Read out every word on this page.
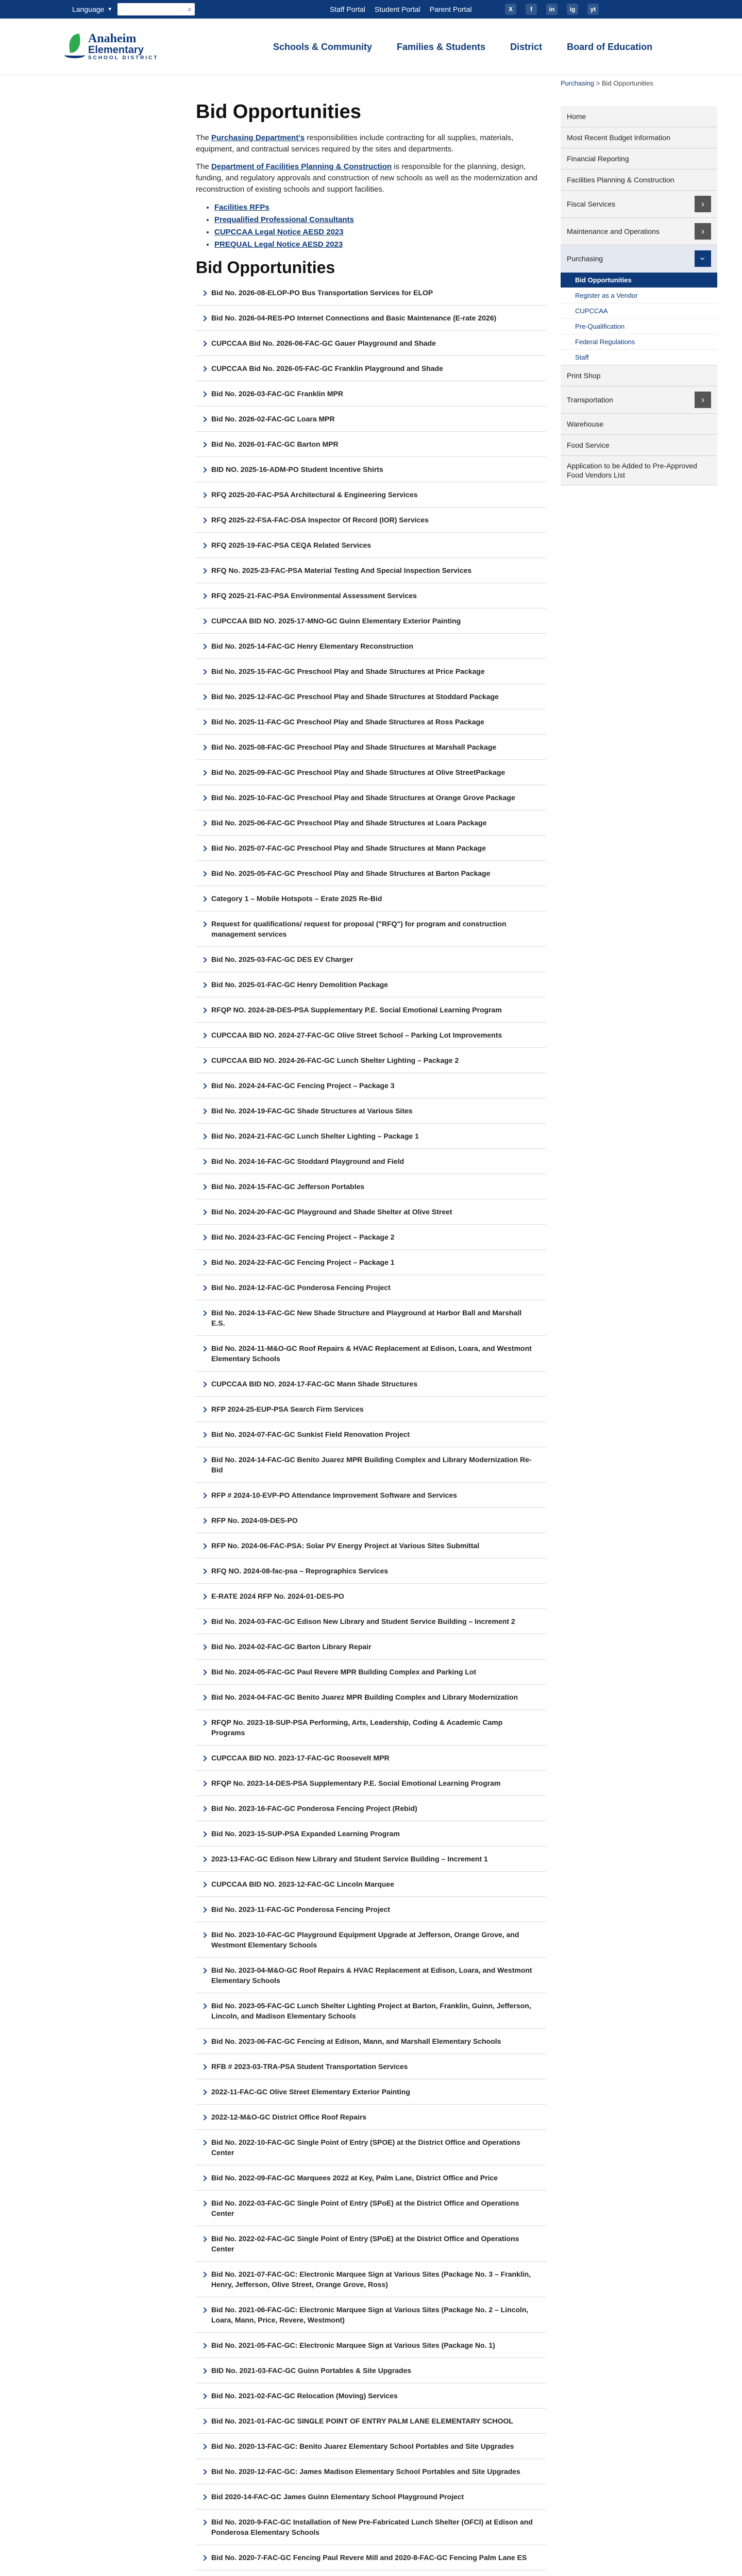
Language ▼	⌕	Staff Portal Student Portal Parent Portal	X	f	in	ig	yt
Anaheim
Elementary
SCHOOL DISTRICT
Schools & Community	Families & Students	District	Board of Education
Purchasing > Bid Opportunities
Bid Opportunities

The Purchasing Department's responsibilities include contracting for all supplies, materials, equipment, and contractual services required by the sites and departments.

The Department of Facilities Planning & Construction is responsible for the planning, design, funding, and regulatory approvals and construction of new schools as well as the modernization and reconstruction of existing schools and support facilities.

• Facilities RFPs
• Prequalified Professional Consultants
• CUPCCAA Legal Notice AESD 2023
• PREQUAL Legal Notice AESD 2023
Bid Opportunities
Bid No. 2026-08-ELOP-PO Bus Transportation Services for ELOP
Bid No. 2026-04-RES-PO Internet Connections and Basic Maintenance (E-rate 2026)
CUPCCAA Bid No. 2026-06-FAC-GC Gauer Playground and Shade
CUPCCAA Bid No. 2026-05-FAC-GC Franklin Playground and Shade
Bid No. 2026-03-FAC-GC Franklin MPR
Bid No. 2026-02-FAC-GC Loara MPR
Bid No. 2026-01-FAC-GC Barton MPR
BID NO. 2025-16-ADM-PO Student Incentive Shirts
RFQ 2025-20-FAC-PSA Architectural & Engineering Services
RFQ 2025-22-FSA-FAC-DSA Inspector Of Record (IOR) Services
RFQ 2025-19-FAC-PSA CEQA Related Services
RFQ No. 2025-23-FAC-PSA Material Testing And Special Inspection Services
RFQ 2025-21-FAC-PSA Environmental Assessment Services
CUPCCAA BID NO. 2025-17-MNO-GC Guinn Elementary Exterior Painting
Bid No. 2025-14-FAC-GC Henry Elementary Reconstruction
Bid No. 2025-15-FAC-GC Preschool Play and Shade Structures at Price Package
Bid No. 2025-12-FAC-GC Preschool Play and Shade Structures at Stoddard Package
Bid No. 2025-11-FAC-GC Preschool Play and Shade Structures at Ross Package
Bid No. 2025-08-FAC-GC Preschool Play and Shade Structures at Marshall Package
Bid No. 2025-09-FAC-GC Preschool Play and Shade Structures at Olive StreetPackage
Bid No. 2025-10-FAC-GC Preschool Play and Shade Structures at Orange Grove Package
Bid No. 2025-06-FAC-GC Preschool Play and Shade Structures at Loara Package
Bid No. 2025-07-FAC-GC Preschool Play and Shade Structures at Mann Package
Bid No. 2025-05-FAC-GC Preschool Play and Shade Structures at Barton Package
Category 1 – Mobile Hotspots – Erate 2025 Re-Bid
Request for qualifications/ request for proposal ("RFQ") for program and construction management services
Bid No. 2025-03-FAC-GC DES EV Charger
Bid No. 2025-01-FAC-GC Henry Demolition Package
RFQP NO. 2024-28-DES-PSA Supplementary P.E. Social Emotional Learning Program
CUPCCAA BID NO. 2024-27-FAC-GC Olive Street School – Parking Lot Improvements
CUPCCAA BID NO. 2024-26-FAC-GC Lunch Shelter Lighting – Package 2
Bid No. 2024-24-FAC-GC Fencing Project – Package 3
Bid No. 2024-19-FAC-GC Shade Structures at Various Sites
Bid No. 2024-21-FAC-GC Lunch Shelter Lighting – Package 1
Bid No. 2024-16-FAC-GC Stoddard Playground and Field
Bid No. 2024-15-FAC-GC Jefferson Portables
Bid No. 2024-20-FAC-GC Playground and Shade Shelter at Olive Street
Bid No. 2024-23-FAC-GC Fencing Project – Package 2
Bid No. 2024-22-FAC-GC Fencing Project – Package 1
Bid No. 2024-12-FAC-GC Ponderosa Fencing Project
Bid No. 2024-13-FAC-GC New Shade Structure and Playground at Harbor Ball and Marshall E.S.
Bid No. 2024-11-M&O-GC Roof Repairs & HVAC Replacement at Edison, Loara, and Westmont Elementary Schools
CUPCCAA BID NO. 2024-17-FAC-GC Mann Shade Structures
RFP 2024-25-EUP-PSA Search Firm Services
Bid No. 2024-07-FAC-GC Sunkist Field Renovation Project
Bid No. 2024-14-FAC-GC Benito Juarez MPR Building Complex and Library Modernization Re-Bid
RFP # 2024-10-EVP-PO Attendance Improvement Software and Services
RFP No. 2024-09-DES-PO
RFP No. 2024-06-FAC-PSA: Solar PV Energy Project at Various Sites Submittal
RFQ NO. 2024-08-fac-psa – Reprographics Services
E-RATE 2024 RFP No. 2024-01-DES-PO
Bid No. 2024-03-FAC-GC Edison New Library and Student Service Building – Increment 2
Bid No. 2024-02-FAC-GC Barton Library Repair
Bid No. 2024-05-FAC-GC Paul Revere MPR Building Complex and Parking Lot
Bid No. 2024-04-FAC-GC Benito Juarez MPR Building Complex and Library Modernization
RFQP No. 2023-18-SUP-PSA Performing, Arts, Leadership, Coding & Academic Camp Programs
CUPCCAA BID NO. 2023-17-FAC-GC Roosevelt MPR
RFQP No. 2023-14-DES-PSA Supplementary P.E. Social Emotional Learning Program
Bid No. 2023-16-FAC-GC Ponderosa Fencing Project (Rebid)
Bid No. 2023-15-SUP-PSA Expanded Learning Program
2023-13-FAC-GC Edison New Library and Student Service Building – Increment 1
CUPCCAA BID NO. 2023-12-FAC-GC Lincoln Marquee
Bid No. 2023-11-FAC-GC Ponderosa Fencing Project
Bid No. 2023-10-FAC-GC Playground Equipment Upgrade at Jefferson, Orange Grove, and Westmont Elementary Schools
Bid No. 2023-04-M&O-GC Roof Repairs & HVAC Replacement at Edison, Loara, and Westmont Elementary Schools
Bid No. 2023-05-FAC-GC Lunch Shelter Lighting Project at Barton, Franklin, Guinn, Jefferson, Lincoln, and Madison Elementary Schools
Bid No. 2023-06-FAC-GC Fencing at Edison, Mann, and Marshall Elementary Schools
RFB # 2023-03-TRA-PSA Student Transportation Services
2022-11-FAC-GC Olive Street Elementary Exterior Painting
2022-12-M&O-GC District Office Roof Repairs
Bid No. 2022-10-FAC-GC Single Point of Entry (SPOE) at the District Office and Operations Center
Bid No. 2022-09-FAC-GC Marquees 2022 at Key, Palm Lane, District Office and Price
Bid No. 2022-03-FAC-GC Single Point of Entry (SPoE) at the District Office and Operations Center
Bid No. 2022-02-FAC-GC Single Point of Entry (SPoE) at the District Office and Operations Center
Bid No. 2021-07-FAC-GC: Electronic Marquee Sign at Various Sites (Package No. 3 – Franklin, Henry, Jefferson, Olive Street, Orange Grove, Ross)
Bid No. 2021-06-FAC-GC: Electronic Marquee Sign at Various Sites (Package No. 2 – Lincoln, Loara, Mann, Price, Revere, Westmont)
Bid No. 2021-05-FAC-GC: Electronic Marquee Sign at Various Sites (Package No. 1)
BID No. 2021-03-FAC-GC Guinn Portables & Site Upgrades
Bid No. 2021-02-FAC-GC Relocation (Moving) Services
Bid No. 2021-01-FAC-GC SINGLE POINT OF ENTRY PALM LANE ELEMENTARY SCHOOL
Bid No. 2020-13-FAC-GC: Benito Juarez Elementary School Portables and Site Upgrades
Bid No. 2020-12-FAC-GC: James Madison Elementary School Portables and Site Upgrades
Bid 2020-14-FAC-GC James Guinn Elementary School Playground Project
Bid No. 2020-9-FAC-GC Installation of New Pre-Fabricated Lunch Shelter (OFCI) at Edison and Ponderosa Elementary Schools
Bid No. 2020-7-FAC-GC Fencing Paul Revere Mill and 2020-8-FAC-GC Fencing Palm Lane ES
Home
Most Recent Budget Information
Financial Reporting
Facilities Planning & Construction
Fiscal Services	›
Maintenance and Operations	›
Purchasing	›
Bid Opportunities
Register as a Vendor
CUPCCAA
Pre-Qualification
Federal Regulations
Staff
Print Shop
Transportation	›
Warehouse
Food Service
Application to be Added to Pre-Approved Food Vendors List
